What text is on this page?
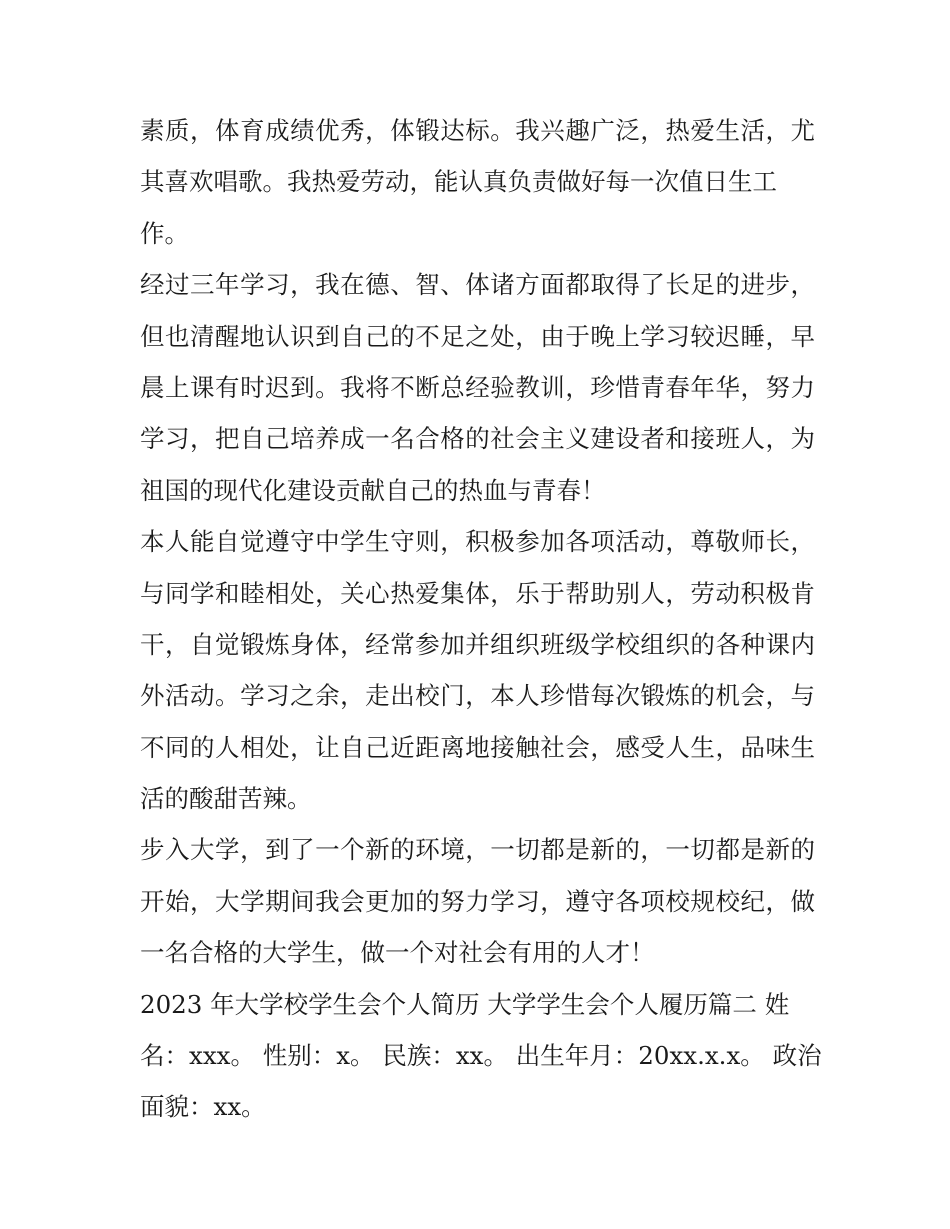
素质，体育成绩优秀，体锻达标。我兴趣广泛，热爱生活，尤
其喜欢唱歌。我热爱劳动，能认真负责做好每一次值日生工
作。
经过三年学习，我在德、智、体诸方面都取得了长足的进步，
但也清醒地认识到自己的不足之处，由于晚上学习较迟睡，早
晨上课有时迟到。我将不断总经验教训，珍惜青春年华，努力
学习，把自己培养成一名合格的社会主义建设者和接班人，为
祖国的现代化建设贡献自己的热血与青春！
本人能自觉遵守中学生守则，积极参加各项活动，尊敬师长，
与同学和睦相处，关心热爱集体，乐于帮助别人，劳动积极肯
干，自觉锻炼身体，经常参加并组织班级学校组织的各种课内
外活动。学习之余，走出校门，本人珍惜每次锻炼的机会，与
不同的人相处，让自己近距离地接触社会，感受人生，品味生
活的酸甜苦辣。
步入大学，到了一个新的环境，一切都是新的，一切都是新的
开始，大学期间我会更加的努力学习，遵守各项校规校纪，做
一名合格的大学生，做一个对社会有用的人才！
2023 年大学校学生会个人简历 大学学生会个人履历篇二 姓
名：xxx。 性别：x。 民族：xx。 出生年月：20xx.x.x。 政治
面貌：xx。
